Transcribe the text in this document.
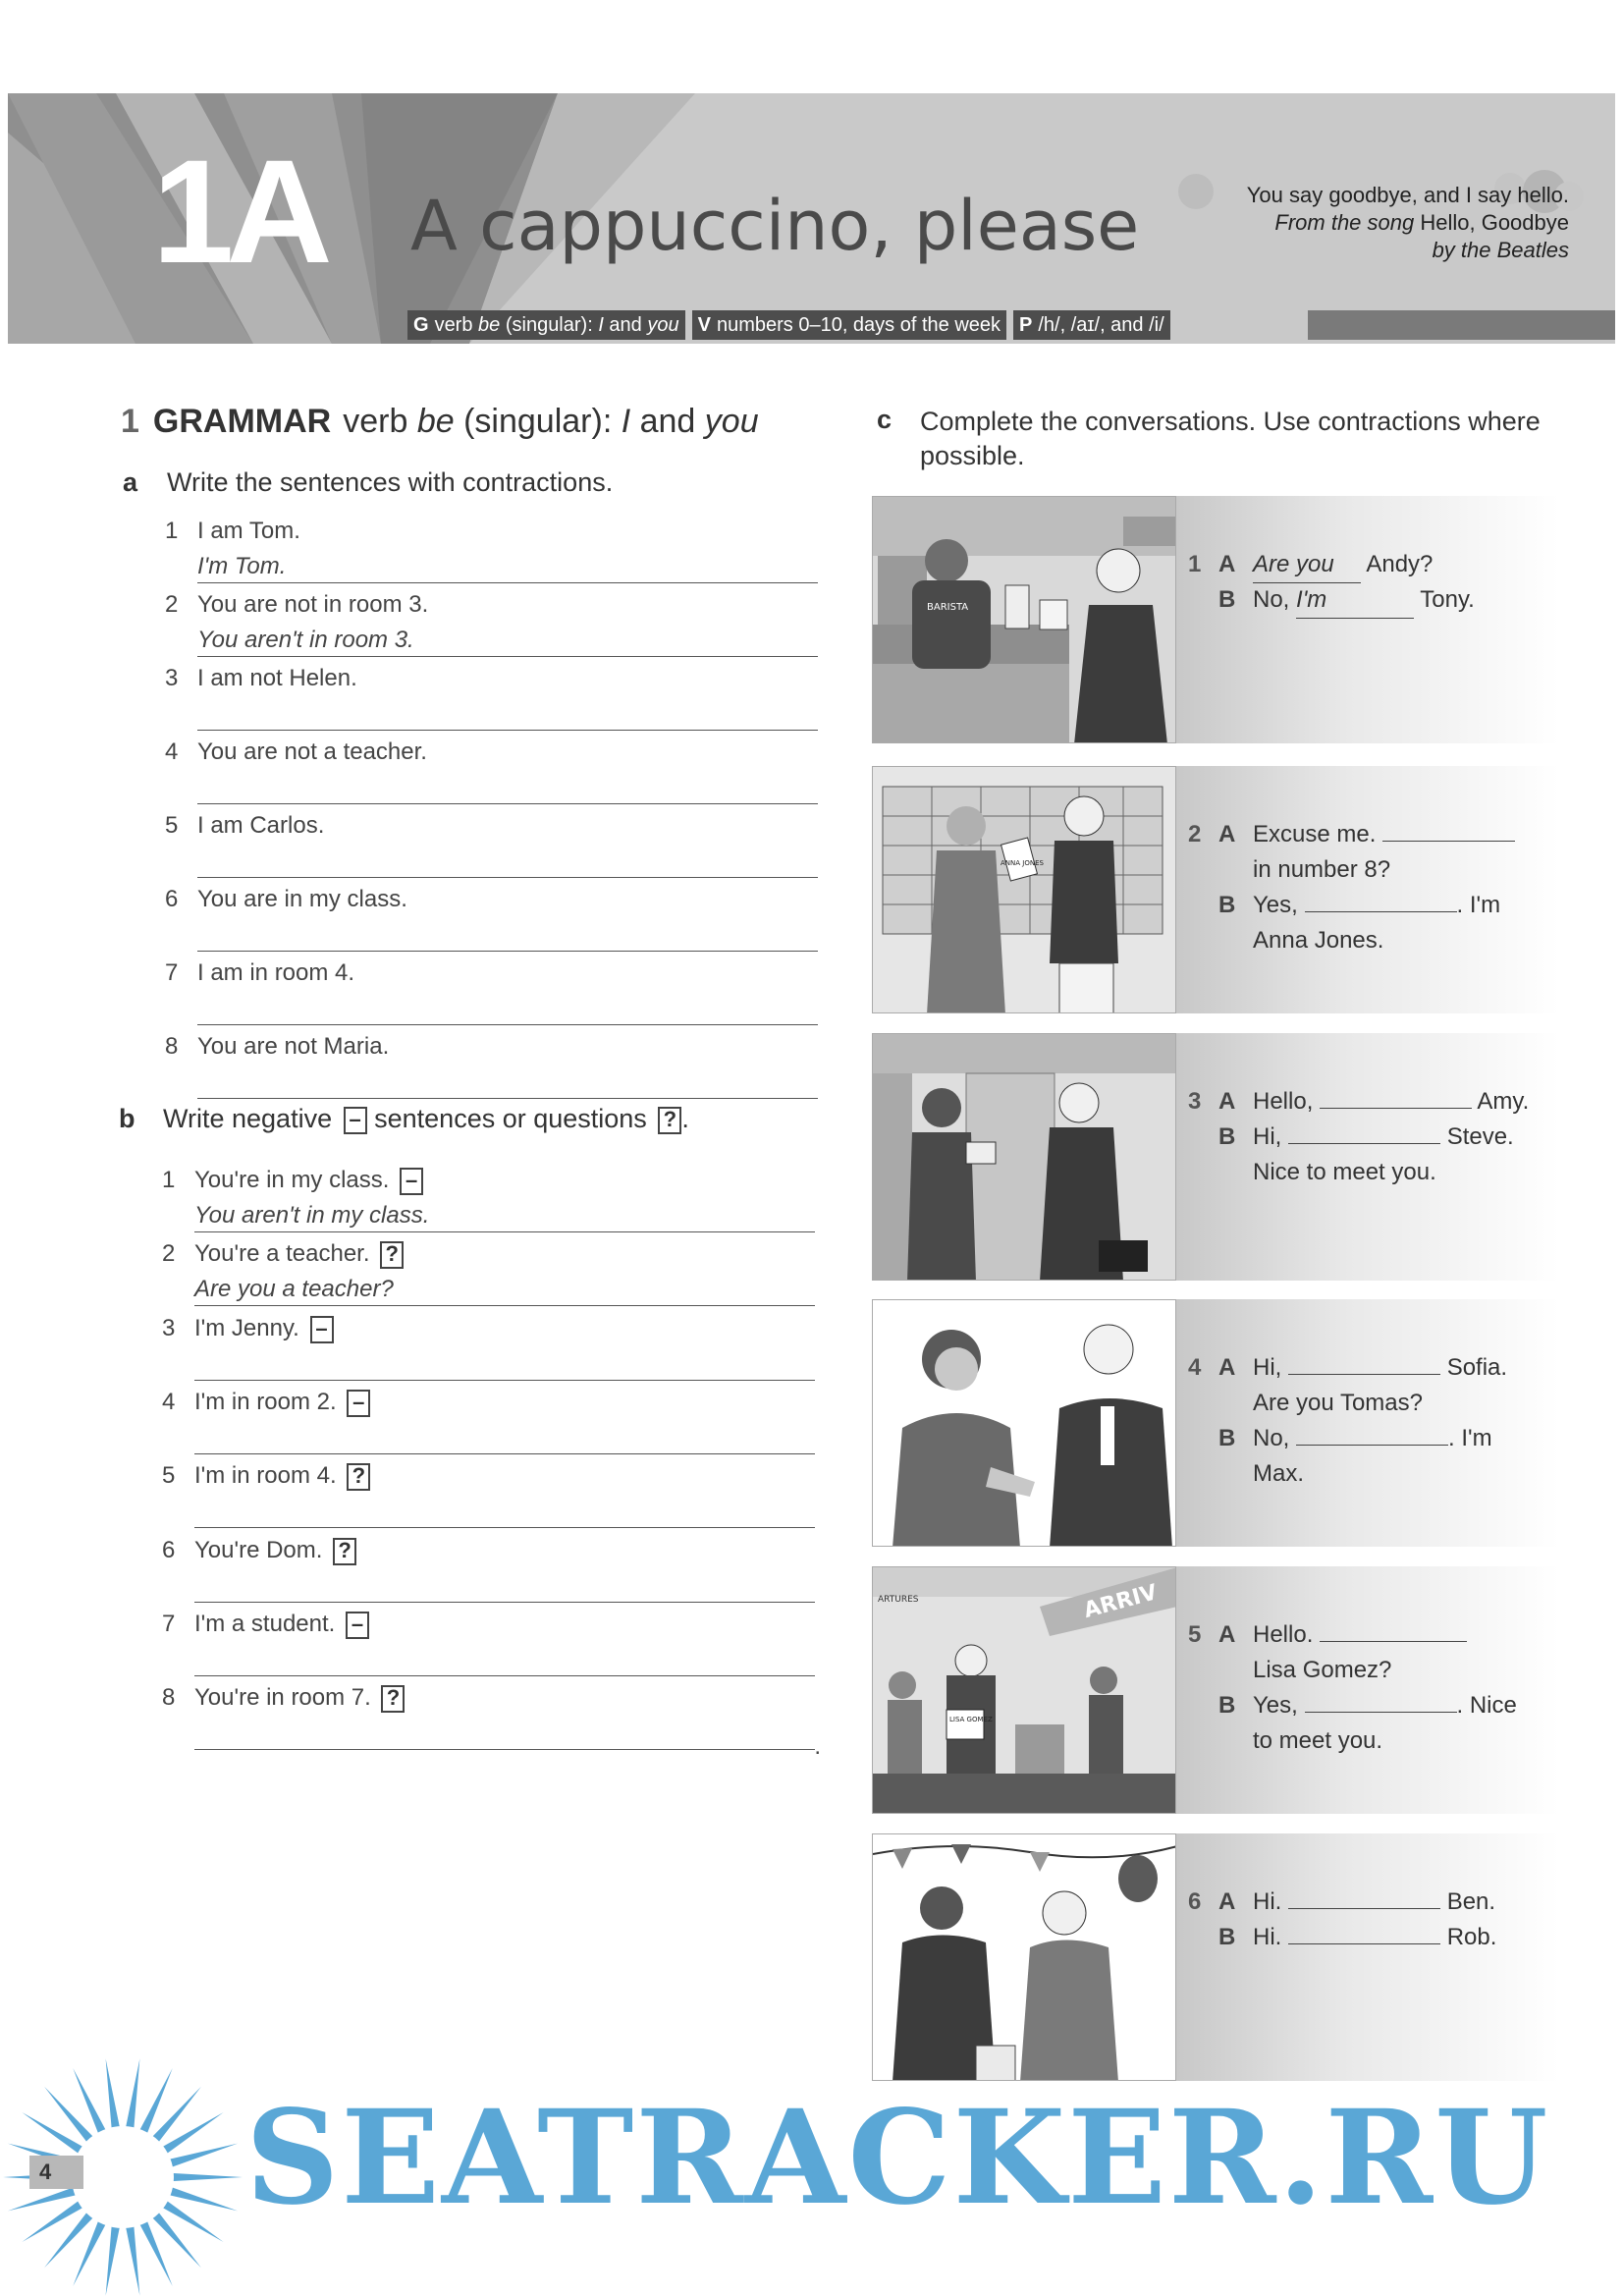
1A A cappuccino, please	You say goodbye, and I say hello.
From the song Hello, Goodbye
by the Beatles
G verb be (singular): I and you V numbers 0–10, days of the week P /h/, /aɪ/, and /i/
1 GRAMMAR verb be (singular): I and you
a Write the sentences with contractions.
1 I am Tom.
I'm Tom.
2 You are not in room 3.
You aren't in room 3.
3 I am not Helen.
4 You are not a teacher.
5 I am Carlos.
6 You are in my class.
7 I am in room 4.
8 You are not Maria.
b Write negative – sentences or questions ? .
1 You're in my class. –
You aren't in my class.
2 You're a teacher. ?
Are you a teacher?
3 I'm Jenny. –
4 I'm in room 2. –
5 I'm in room 4. ?
6 You're Dom. ?
7 I'm a student. –
8 You're in room 7. ?
.
c Complete the conversations. Use contractions where possible.
BARISTA
1 A Are you Andy?
B No, I'm	Tony.
ANNA JONES
2 A Excuse me.
in number 8?
B Yes,	. I'm
Anna Jones.
3 A Hello,	Amy.
B Hi,	Steve.
Nice to meet you.
4 A Hi,	Sofia.
Are you Tomas?
B No,	. I'm
Max.
ARTURES	ARRIV
LISA GOMEZ
5 A Hello.
Lisa Gomez?
B Yes,	. Nice
to meet you.
6 A Hi.	Ben.
B Hi.	Rob.
4 SEATRACKER.RU
